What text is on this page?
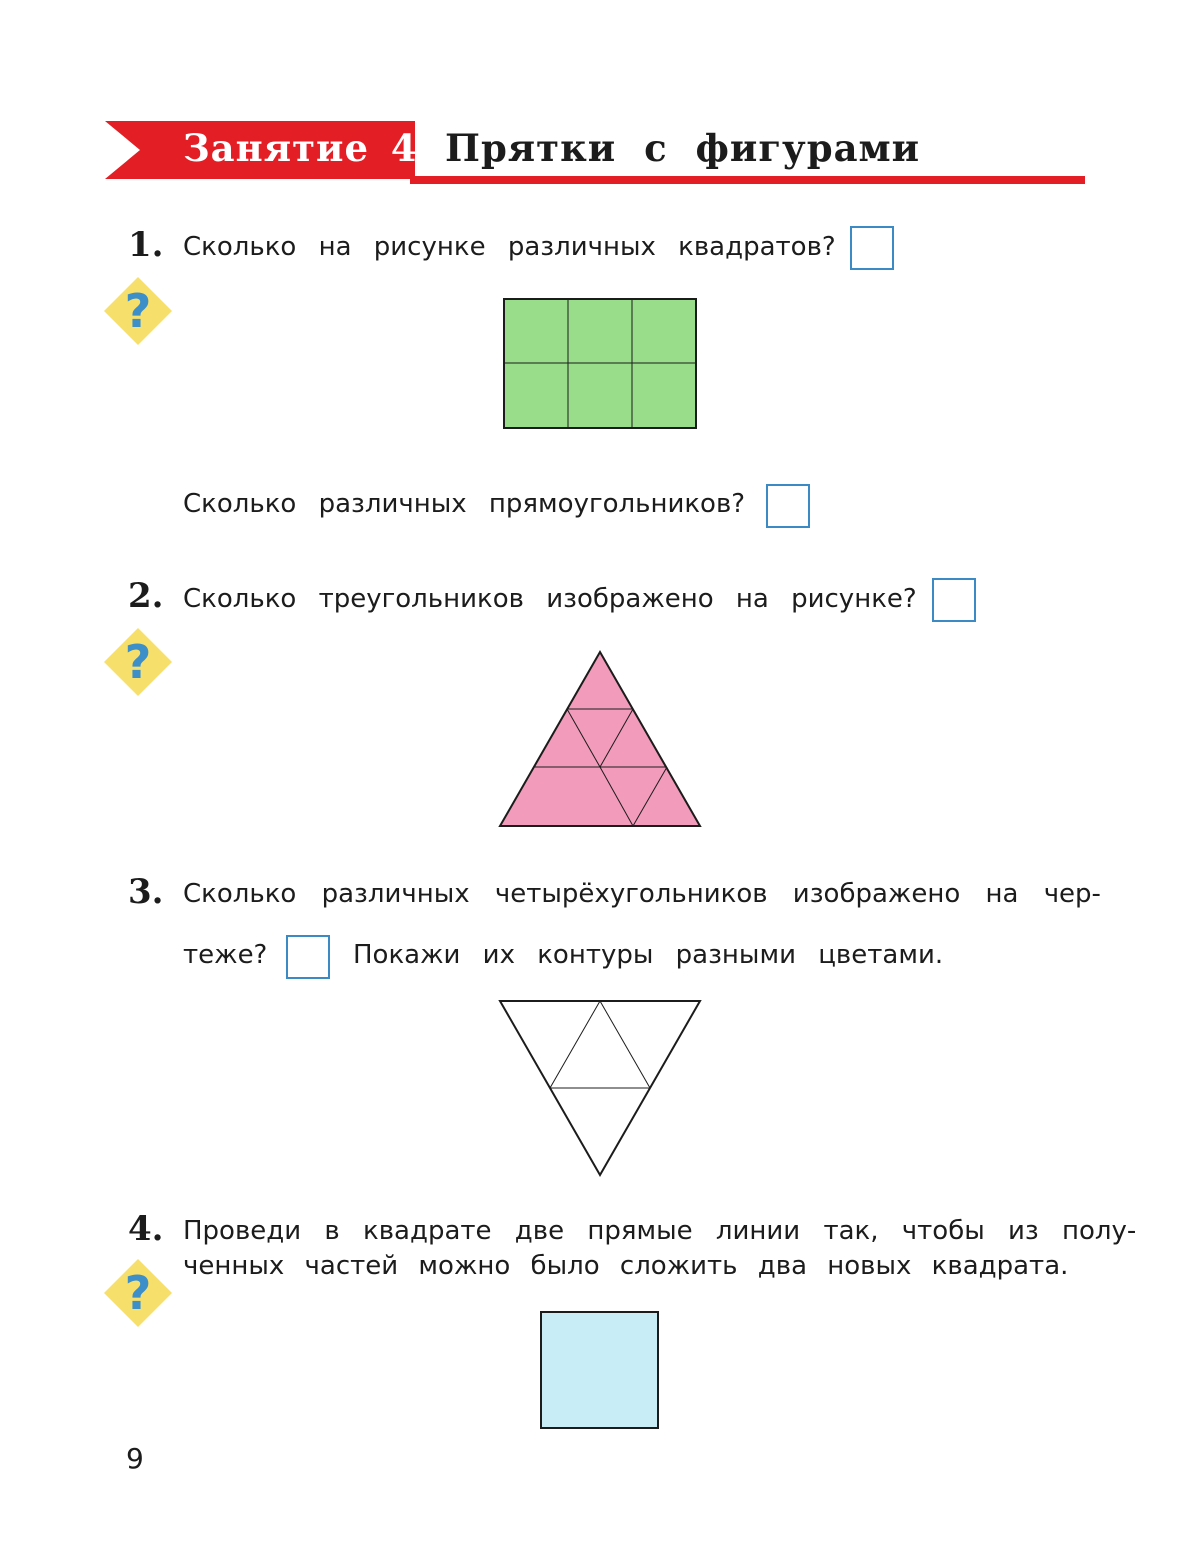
Занятие 4 Прятки с фигурами
1. Сколько на рисунке различных квадратов?
?
Сколько различных прямоугольников?
2. Сколько треугольников изображено на рисунке?
?
3. Сколько различных четырёхугольников изображено на чер-
теже?	Покажи их контуры разными цветами.
4. Проведи в квадрате две прямые линии так, чтобы из полу-
ченных частей можно было сложить два новых квадрата.
?
9
